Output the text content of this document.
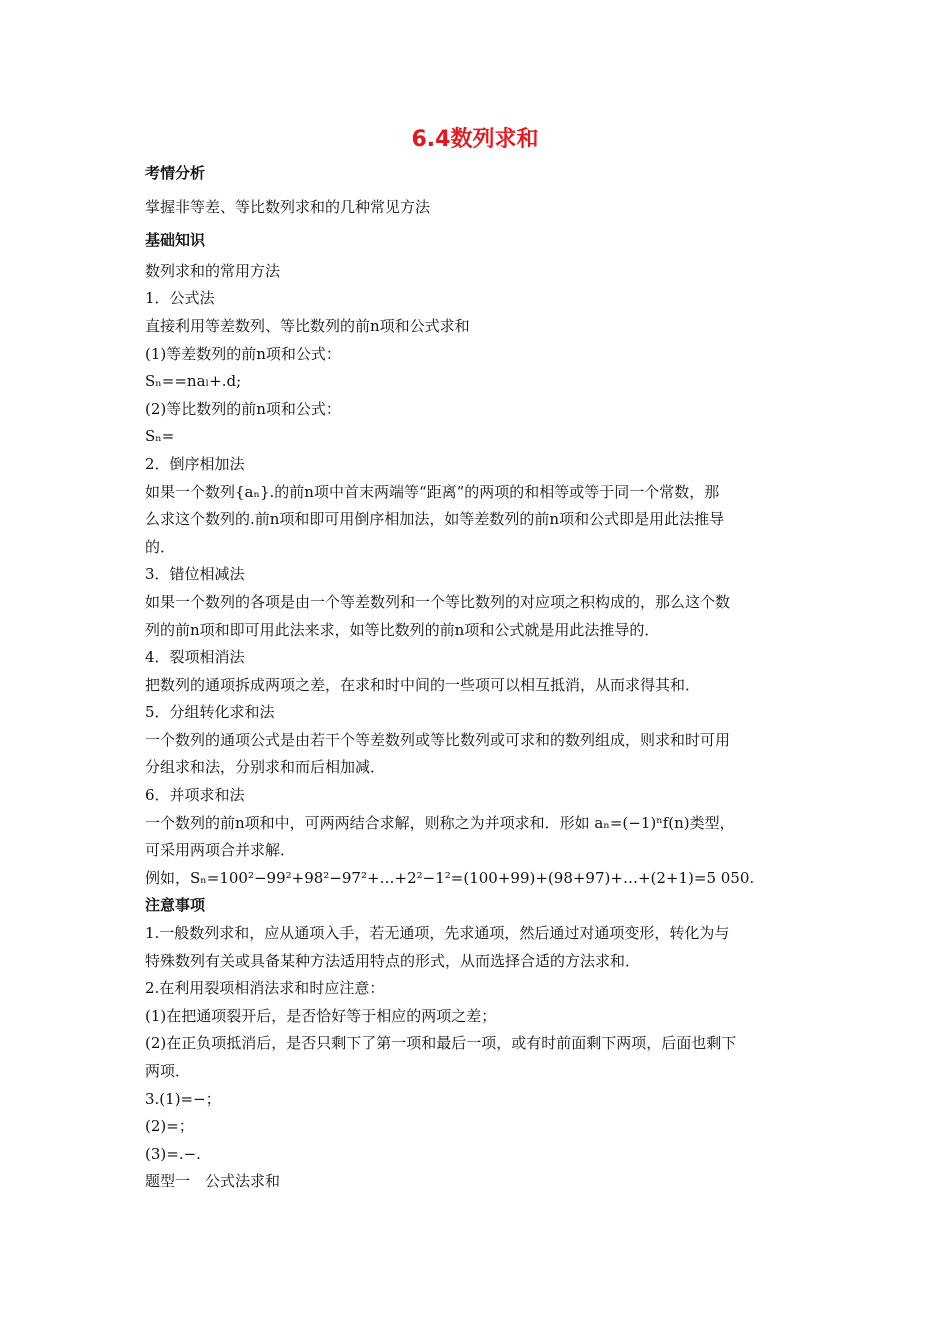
6.4数列求和
考情分析
掌握非等差、等比数列求和的几种常见方法
基础知识
数列求和的常用方法
1．公式法
直接利用等差数列、等比数列的前n项和公式求和
(1)等差数列的前n项和公式：
Sₙ==naₗ+.d;
(2)等比数列的前n项和公式：
Sₙ=
2．倒序相加法
如果一个数列{aₙ}.的前n项中首末两端等“距离”的两项的和相等或等于同一个常数，那
么求这个数列的.前n项和即可用倒序相加法，如等差数列的前n项和公式即是用此法推导
的．
3．错位相减法
如果一个数列的各项是由一个等差数列和一个等比数列的对应项之积构成的，那么这个数
列的前n项和即可用此法来求，如等比数列的前n项和公式就是用此法推导的．
4．裂项相消法
把数列的通项拆成两项之差，在求和时中间的一些项可以相互抵消，从而求得其和．
5．分组转化求和法
一个数列的通项公式是由若干个等差数列或等比数列或可求和的数列组成，则求和时可用
分组求和法，分别求和而后相加减．
6．并项求和法
一个数列的前n项和中，可两两结合求解，则称之为并项求和．形如 aₙ=(−1)ⁿf(n)类型，
可采用两项合并求解．
例如，Sₙ=100²−99²+98²−97²+…+2²−1²=(100+99)+(98+97)+…+(2+1)=5 050.
注意事项
1.一般数列求和，应从通项入手，若无通项，先求通项，然后通过对通项变形，转化为与
特殊数列有关或具备某种方法适用特点的形式，从而选择合适的方法求和．
2.在利用裂项相消法求和时应注意：
(1)在把通项裂开后，是否恰好等于相应的两项之差；
(2)在正负项抵消后，是否只剩下了第一项和最后一项，或有时前面剩下两项，后面也剩下
两项．
3.(1)=−；
(2)=；
(3)=.−.
题型一　公式法求和
